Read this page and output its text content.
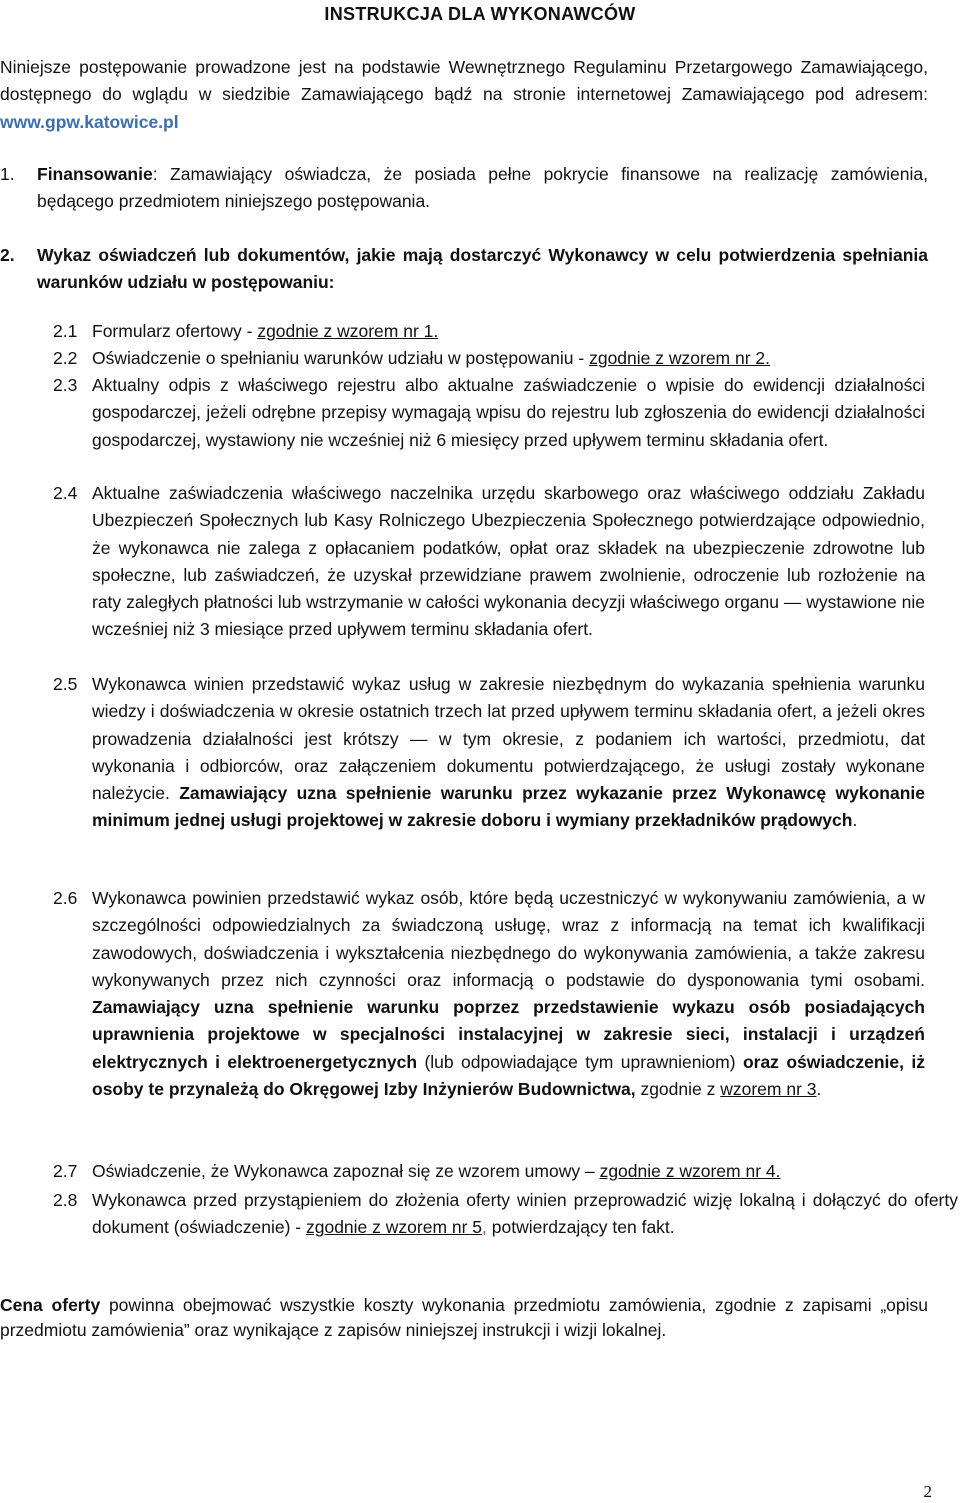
INSTRUKCJA DLA WYKONAWCÓW
Niniejsze postępowanie prowadzone jest na podstawie Wewnętrznego Regulaminu Przetargowego Zamawiającego, dostępnego do wglądu w siedzibie Zamawiającego bądź na stronie internetowej Zamawiającego pod adresem: www.gpw.katowice.pl
1. Finansowanie: Zamawiający oświadcza, że posiada pełne pokrycie finansowe na realizację zamówienia, będącego przedmiotem niniejszego postępowania.
2. Wykaz oświadczeń lub dokumentów, jakie mają dostarczyć Wykonawcy w celu potwierdzenia spełniania warunków udziału w postępowaniu:
2.1 Formularz ofertowy - zgodnie z wzorem nr 1.
2.2 Oświadczenie o spełnianiu warunków udziału w postępowaniu - zgodnie z wzorem nr 2.
2.3 Aktualny odpis z właściwego rejestru albo aktualne zaświadczenie o wpisie do ewidencji działalności gospodarczej, jeżeli odrębne przepisy wymagają wpisu do rejestru lub zgłoszenia do ewidencji działalności gospodarczej, wystawiony nie wcześniej niż 6 miesięcy przed upływem terminu składania ofert.
2.4 Aktualne zaświadczenia właściwego naczelnika urzędu skarbowego oraz właściwego oddziału Zakładu Ubezpieczeń Społecznych lub Kasy Rolniczego Ubezpieczenia Społecznego potwierdzające odpowiednio, że wykonawca nie zalega z opłacaniem podatków, opłat oraz składek na ubezpieczenie zdrowotne lub społeczne, lub zaświadczeń, że uzyskał przewidziane prawem zwolnienie, odroczenie lub rozłożenie na raty zaległych płatności lub wstrzymanie w całości wykonania decyzji właściwego organu — wystawione nie wcześniej niż 3 miesiące przed upływem terminu składania ofert.
2.5 Wykonawca winien przedstawić wykaz usług w zakresie niezbędnym do wykazania spełnienia warunku wiedzy i doświadczenia w okresie ostatnich trzech lat przed upływem terminu składania ofert, a jeżeli okres prowadzenia działalności jest krótszy — w tym okresie, z podaniem ich wartości, przedmiotu, dat wykonania i odbiorców, oraz załączeniem dokumentu potwierdzającego, że usługi zostały wykonane należycie. Zamawiający uzna spełnienie warunku przez wykazanie przez Wykonawcę wykonanie minimum jednej usługi projektowej w zakresie doboru i wymiany przekładników prądowych.
2.6 Wykonawca powinien przedstawić wykaz osób, które będą uczestniczyć w wykonywaniu zamówienia, a w szczególności odpowiedzialnych za świadczoną usługę, wraz z informacją na temat ich kwalifikacji zawodowych, doświadczenia i wykształcenia niezbędnego do wykonywania zamówienia, a także zakresu wykonywanych przez nich czynności oraz informacją o podstawie do dysponowania tymi osobami. Zamawiający uzna spełnienie warunku poprzez przedstawienie wykazu osób posiadających uprawnienia projektowe w specjalności instalacyjnej w zakresie sieci, instalacji i urządzeń elektrycznych i elektroenergetycznych (lub odpowiadające tym uprawnieniom) oraz oświadczenie, iż osoby te przynależą do Okręgowej Izby Inżynierów Budownictwa, zgodnie z wzorem nr 3.
2.7 Oświadczenie, że Wykonawca zapoznał się ze wzorem umowy – zgodnie z wzorem nr 4.
2.8 Wykonawca przed przystąpieniem do złożenia oferty winien przeprowadzić wizję lokalną i dołączyć do oferty dokument (oświadczenie) - zgodnie z wzorem nr 5, potwierdzający ten fakt.
Cena oferty powinna obejmować wszystkie koszty wykonania przedmiotu zamówienia, zgodnie z zapisami „opisu przedmiotu zamówienia” oraz wynikające z zapisów niniejszej instrukcji i wizji lokalnej.
2
